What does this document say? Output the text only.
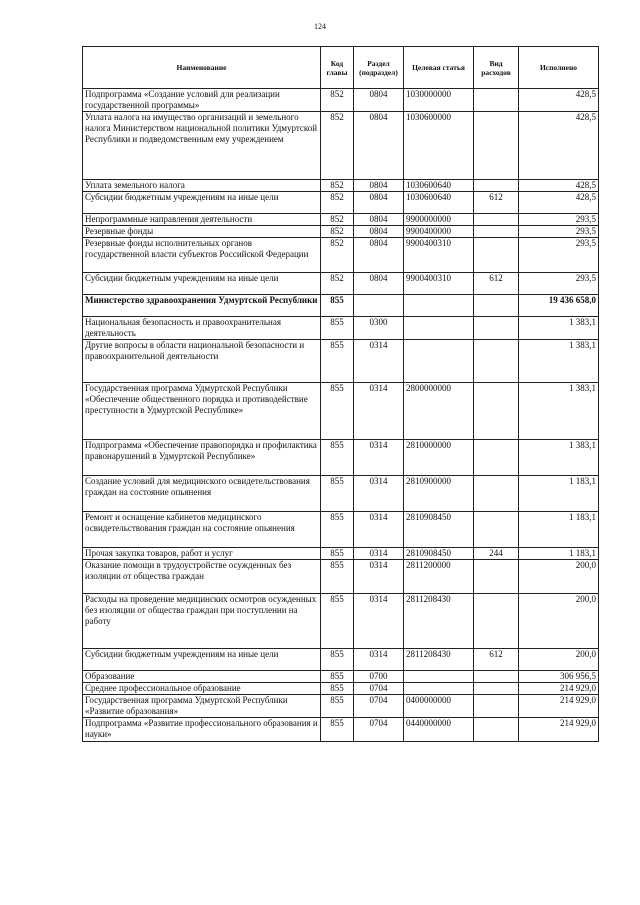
124
Наименование	Код главы	Раздел (подраздел)	Целевая статья	Вид расходов	Исполнено
Подпрограмма «Создание условий для реализации государственной программы»	852	0804	1030000000		428,5
Уплата налога на имущество организаций и земельного налога Министерством национальной политики Удмуртской Республики и подведомственным ему учреждением	852	0804	1030600000		428,5
Уплата земельного налога	852	0804	1030600640		428,5
Субсидии бюджетным учреждениям на иные цели	852	0804	1030600640	612	428,5
Непрограммные направления деятельности	852	0804	9900000000		293,5
Резервные фонды	852	0804	9900400000		293,5
Резервные фонды исполнительных органов государственной власти субъектов Российской Федерации	852	0804	9900400310		293,5
Субсидии бюджетным учреждениям на иные цели	852	0804	9900400310	612	293,5
Министерство здравоохранения Удмуртской Республики	855				19 436 658,0
Национальная безопасность и правоохранительная деятельность	855	0300			1 383,1
Другие вопросы в области национальной безопасности и правоохранительной деятельности	855	0314			1 383,1
Государственная программа Удмуртской Республики «Обеспечение общественного порядка и противодействие преступности в Удмуртской Республике»	855	0314	2800000000		1 383,1
Подпрограмма «Обеспечение правопорядка и профилактика правонарушений в Удмуртской Республике»	855	0314	2810000000		1 383,1
Создание условий для медицинского освидетельствования граждан на состояние опьянения	855	0314	2810900000		1 183,1
Ремонт и оснащение кабинетов медицинского освидетельствования граждан на состояние опьянения	855	0314	2810908450		1 183,1
Прочая закупка товаров, работ и услуг	855	0314	2810908450	244	1 183,1
Оказание помощи в трудоустройстве осужденных без изоляции от общества граждан	855	0314	2811200000		200,0
Расходы на проведение медицинских осмотров осужденных без изоляции от общества граждан при поступлении на работу	855	0314	2811208430		200,0
Субсидии бюджетным учреждениям на иные цели	855	0314	2811208430	612	200,0
Образование	855	0700			306 956,5
Среднее профессиональное образование	855	0704			214 929,0
Государственная программа Удмуртской Республики «Развитие образования»	855	0704	0400000000		214 929,0
Подпрограмма «Развитие профессионального образования и науки»	855	0704	0440000000		214 929,0
